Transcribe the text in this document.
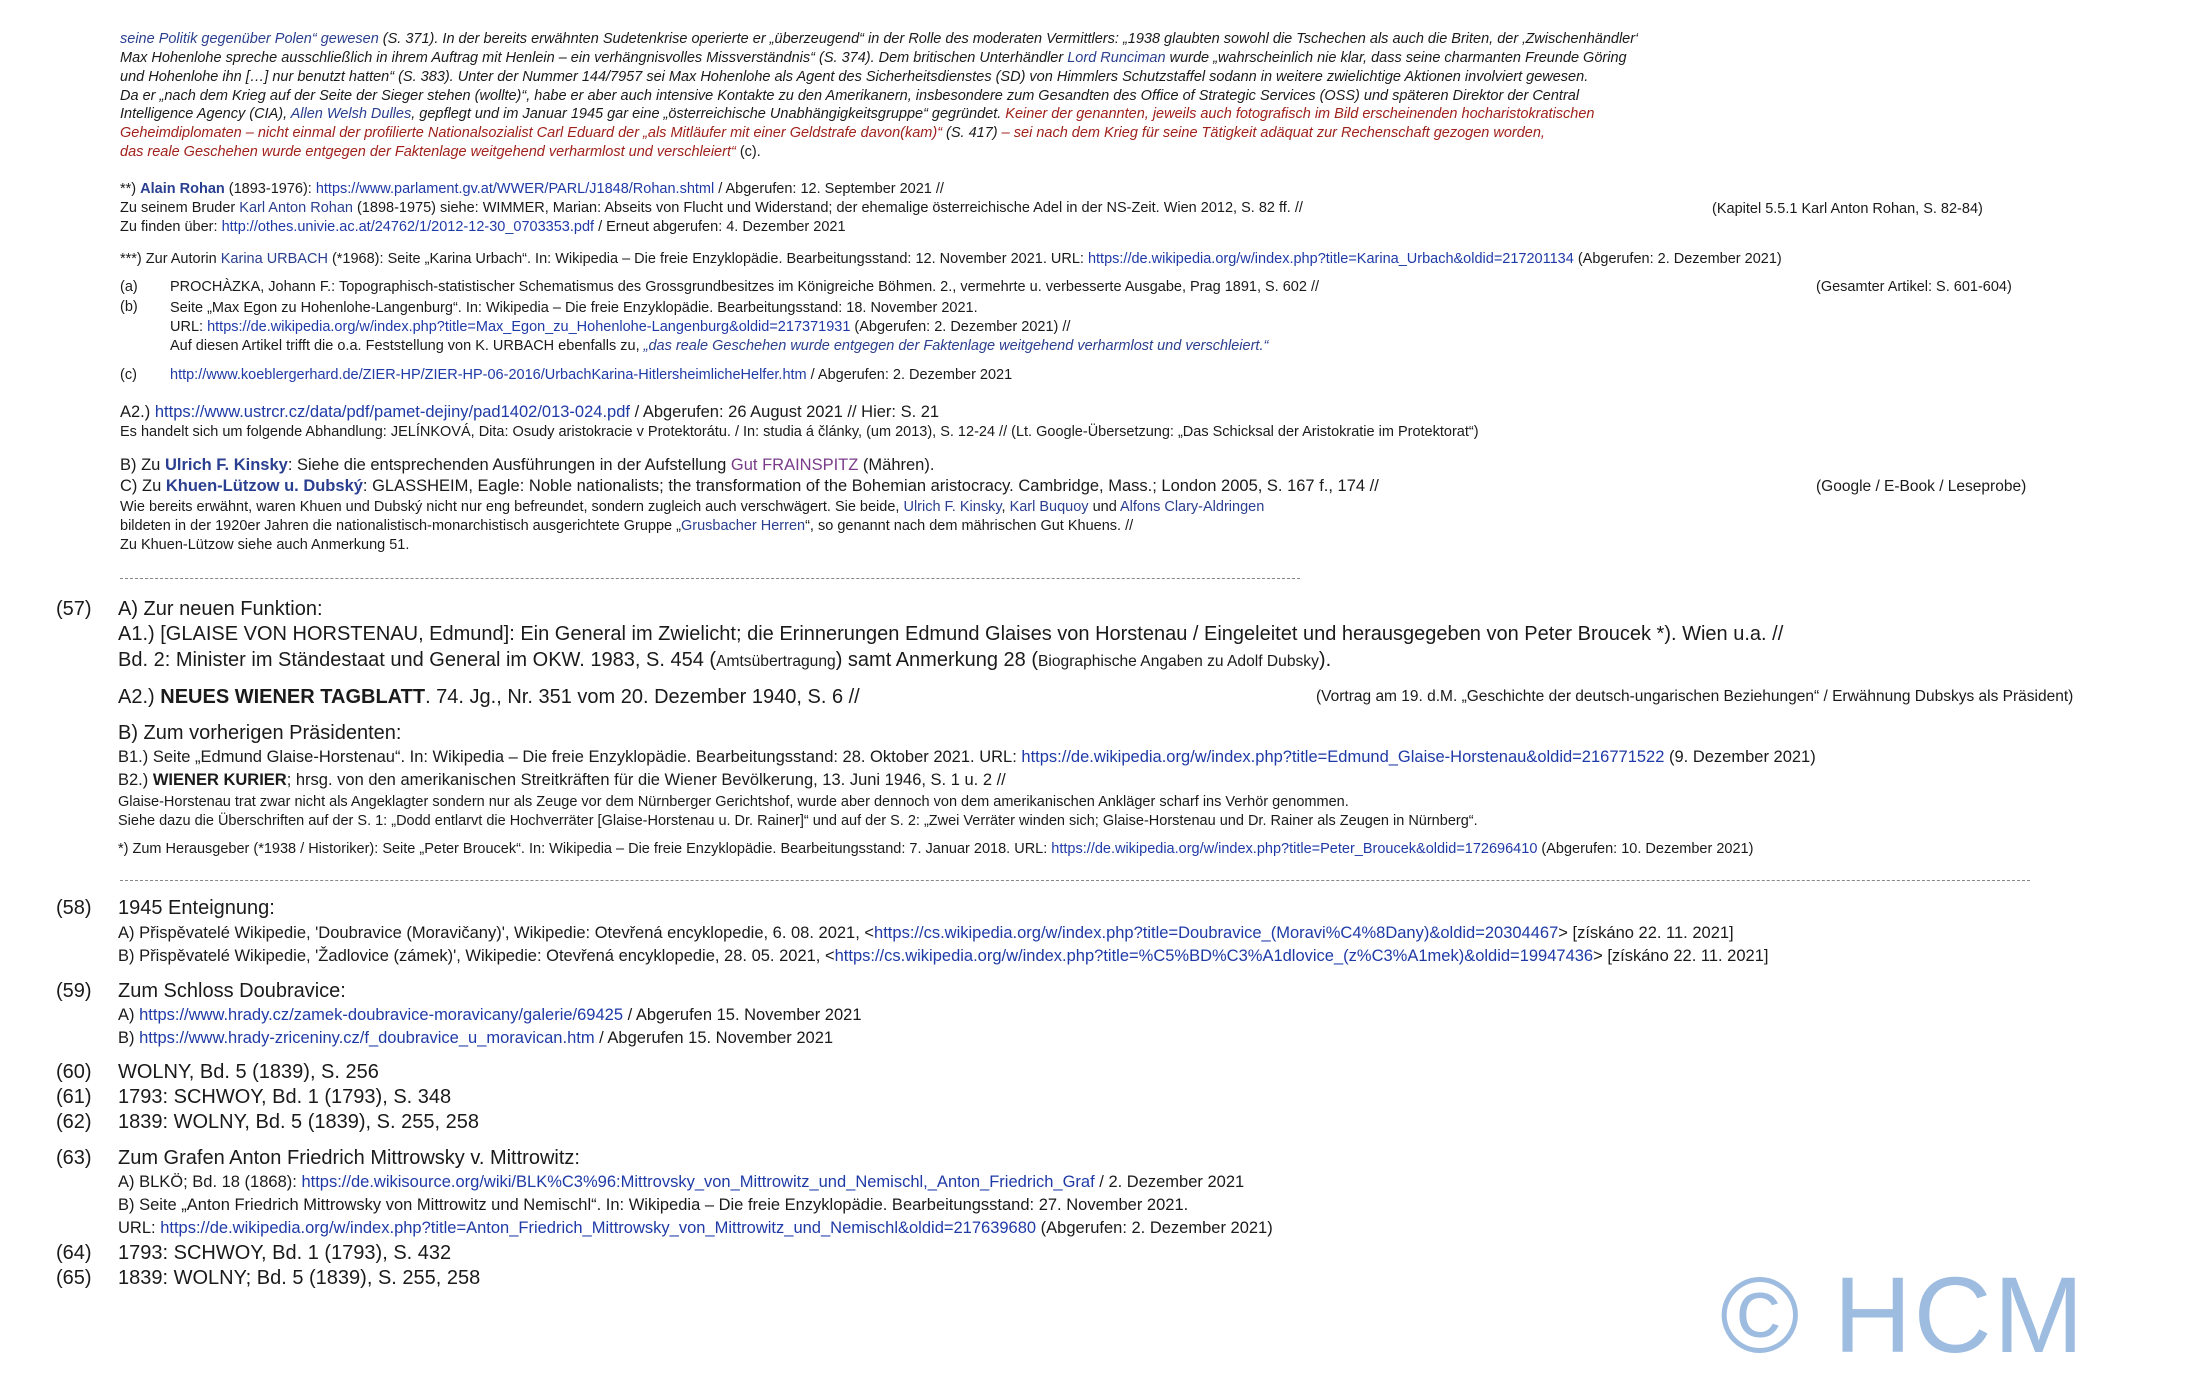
seine Politik gegenüber Polen“ gewesen (S. 371). In der bereits erwähnten Sudetenkrise operierte er „überzeugend“ in der Rolle des moderaten Vermittlers: „1938 glaubten sowohl die Tschechen als auch die Briten, der ‚Zwischenhändler‘
Max Hohenlohe spreche ausschließlich in ihrem Auftrag mit Henlein – ein verhängnisvolles Missverständnis“ (S. 374). Dem britischen Unterhändler Lord Runciman wurde „wahrscheinlich nie klar, dass seine charmanten Freunde Göring
und Hohenlohe ihn […] nur benutzt hatten“ (S. 383). Unter der Nummer 144/7957 sei Max Hohenlohe als Agent des Sicherheitsdienstes (SD) von Himmlers Schutzstaffel sodann in weitere zwielichtige Aktionen involviert gewesen.
Da er „nach dem Krieg auf der Seite der Sieger stehen (wollte)“, habe er aber auch intensive Kontakte zu den Amerikanern, insbesondere zum Gesandten des Office of Strategic Services (OSS) und späteren Direktor der Central
Intelligence Agency (CIA), Allen Welsh Dulles, gepflegt und im Januar 1945 gar eine „österreichische Unabhängigkeitsgruppe“ gegründet. Keiner der genannten, jeweils auch fotografisch im Bild erscheinenden hocharistokratischen
Geheimdiplomaten – nicht einmal der profilierte Nationalsozialist Carl Eduard der „als Mitläufer mit einer Geldstrafe davon(kam)“ (S. 417) – sei nach dem Krieg für seine Tätigkeit adäquat zur Rechenschaft gezogen worden,
das reale Geschehen wurde entgegen der Faktenlage weitgehend verharmlost und verschleiert“ (c).
**) Alain Rohan (1893-1976): https://www.parlament.gv.at/WWER/PARL/J1848/Rohan.shtml / Abgerufen: 12. September 2021 //
Zu seinem Bruder Karl Anton Rohan (1898-1975) siehe: WIMMER, Marian: Abseits von Flucht und Widerstand; der ehemalige österreichische Adel in der NS-Zeit. Wien 2012, S. 82 ff. //
Zu finden über: http://othes.univie.ac.at/24762/1/2012-12-30_0703353.pdf / Erneut abgerufen: 4. Dezember 2021
(Kapitel 5.5.1 Karl Anton Rohan, S. 82-84)
***) Zur Autorin Karina URBACH (*1968): Seite „Karina Urbach“. In: Wikipedia – Die freie Enzyklopädie. Bearbeitungsstand: 12. November 2021. URL: https://de.wikipedia.org/w/index.php?title=Karina_Urbach&oldid=217201134 (Abgerufen: 2. Dezember 2021)
(a) PROCHÀZKA, Johann F.: Topographisch-statistischer Schematismus des Grossgrundbesitzes im Königreiche Böhmen. 2., vermehrte u. verbesserte Ausgabe, Prag 1891, S. 602 //	(Gesamter Artikel: S. 601-604)
(b) Seite „Max Egon zu Hohenlohe-Langenburg“. In: Wikipedia – Die freie Enzyklopädie. Bearbeitungsstand: 18. November 2021.
URL: https://de.wikipedia.org/w/index.php?title=Max_Egon_zu_Hohenlohe-Langenburg&oldid=217371931 (Abgerufen: 2. Dezember 2021) //
Auf diesen Artikel trifft die o.a. Feststellung von K. URBACH ebenfalls zu, „das reale Geschehen wurde entgegen der Faktenlage weitgehend verharmlost und verschleiert.“
(c) http://www.koeblergerhard.de/ZIER-HP/ZIER-HP-06-2016/UrbachKarina-HitlersheimlicheHelfer.htm / Abgerufen: 2. Dezember 2021
A2.) https://www.ustrcr.cz/data/pdf/pamet-dejiny/pad1402/013-024.pdf / Abgerufen: 26 August 2021 // Hier: S. 21
Es handelt sich um folgende Abhandlung: JELÍNKOVÁ, Dita: Osudy aristokracie v Protektorátu. / In: studia á články, (um 2013), S. 12-24 // (Lt. Google-Übersetzung: „Das Schicksal der Aristokratie im Protektorat“)
B) Zu Ulrich F. Kinsky: Siehe die entsprechenden Ausführungen in der Aufstellung Gut FRAINSPITZ (Mähren).
C) Zu Khuen-Lützow u. Dubský: GLASSHEIM, Eagle: Noble nationalists; the transformation of the Bohemian aristocracy. Cambridge, Mass.; London 2005, S. 167 f., 174 //
Wie bereits erwähnt, waren Khuen und Dubský nicht nur eng befreundet, sondern zugleich auch verschwägert. Sie beide, Ulrich F. Kinsky, Karl Buquoy und Alfons Clary-Aldringen
bildeten in der 1920er Jahren die nationalistisch-monarchistisch ausgerichtete Gruppe „Grusbacher Herren“, so genannt nach dem mährischen Gut Khuens. //
Zu Khuen-Lützow siehe auch Anmerkung 51.
(Google / E-Book / Leseprobe)
(57) A) Zur neuen Funktion:
A1.) [GLAISE VON HORSTENAU, Edmund]: Ein General im Zwielicht; die Erinnerungen Edmund Glaises von Horstenau / Eingeleitet und herausgegeben von Peter Broucek *). Wien u.a. //
Bd. 2: Minister im Ständestaat und General im OKW. 1983, S. 454 (Amtsübertragung) samt Anmerkung 28 (Biographische Angaben zu Adolf Dubsky).
A2.) NEUES WIENER TAGBLATT. 74. Jg., Nr. 351 vom 20. Dezember 1940, S. 6 //	(Vortrag am 19. d.M. „Geschichte der deutsch-ungarischen Beziehungen“ / Erwähnung Dubskys als Präsident)
B) Zum vorherigen Präsidenten:
B1.) Seite „Edmund Glaise-Horstenau“. In: Wikipedia – Die freie Enzyklopädie. Bearbeitungsstand: 28. Oktober 2021. URL: https://de.wikipedia.org/w/index.php?title=Edmund_Glaise-Horstenau&oldid=216771522 (9. Dezember 2021)
B2.) WIENER KURIER; hrsg. von den amerikanischen Streitkräften für die Wiener Bevölkerung, 13. Juni 1946, S. 1 u. 2 //
Glaise-Horstenau trat zwar nicht als Angeklagter sondern nur als Zeuge vor dem Nürnberger Gerichtshof, wurde aber dennoch von dem amerikanischen Ankläger scharf ins Verhör genommen.
Siehe dazu die Überschriften auf der S. 1: „Dodd entlarvt die Hochverräter [Glaise-Horstenau u. Dr. Rainer]“ und auf der S. 2: „Zwei Verräter winden sich; Glaise-Horstenau und Dr. Rainer als Zeugen in Nürnberg“.
*) Zum Herausgeber (*1938 / Historiker): Seite „Peter Broucek“. In: Wikipedia – Die freie Enzyklopädie. Bearbeitungsstand: 7. Januar 2018. URL: https://de.wikipedia.org/w/index.php?title=Peter_Broucek&oldid=172696410 (Abgerufen: 10. Dezember 2021)
(58) 1945 Enteignung:
A) Přispěvatelé Wikipedie, 'Doubravice (Moravičany)', Wikipedie: Otevřená encyklopedie, 6. 08. 2021, <https://cs.wikipedia.org/w/index.php?title=Doubravice_(Moravi%C4%8Dany)&oldid=20304467> [získáno 22. 11. 2021]
B) Přispěvatelé Wikipedie, 'Žadlovice (zámek)', Wikipedie: Otevřená encyklopedie, 28. 05. 2021, <https://cs.wikipedia.org/w/index.php?title=%C5%BD%C3%A1dlovice_(z%C3%A1mek)&oldid=19947436> [získáno 22. 11. 2021]
(59) Zum Schloss Doubravice:
A) https://www.hrady.cz/zamek-doubravice-moravicany/galerie/69425 / Abgerufen 15. November 2021
B) https://www.hrady-zriceniny.cz/f_doubravice_u_moravican.htm / Abgerufen 15. November 2021
(60) WOLNY, Bd. 5 (1839), S. 256
(61) 1793: SCHWOY, Bd. 1 (1793), S. 348
(62) 1839: WOLNY, Bd. 5 (1839), S. 255, 258
(63) Zum Grafen Anton Friedrich Mittrowsky v. Mittrowitz:
A) BLKÖ; Bd. 18 (1868): https://de.wikisource.org/wiki/BLK%C3%96:Mittrovsky_von_Mittrowitz_und_Nemischl,_Anton_Friedrich_Graf / 2. Dezember 2021
B) Seite „Anton Friedrich Mittrowsky von Mittrowitz und Nemischl“. In: Wikipedia – Die freie Enzyklopädie. Bearbeitungsstand: 27. November 2021.
URL: https://de.wikipedia.org/w/index.php?title=Anton_Friedrich_Mittrowsky_von_Mittrowitz_und_Nemischl&oldid=217639680 (Abgerufen: 2. Dezember 2021)
(64) 1793: SCHWOY, Bd. 1 (1793), S. 432
(65) 1839: WOLNY; Bd. 5 (1839), S. 255, 258	© HCM
